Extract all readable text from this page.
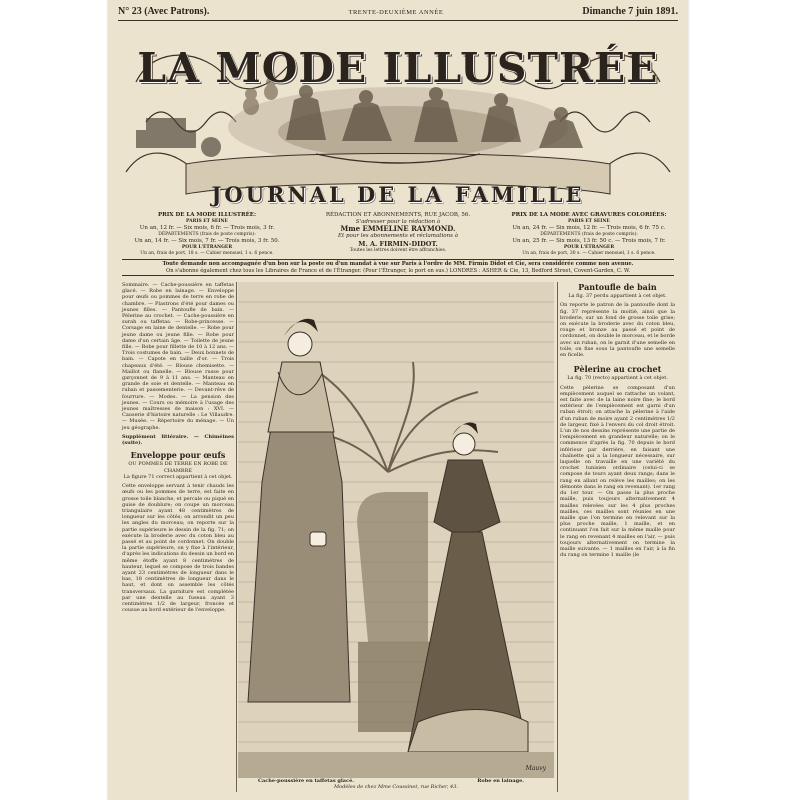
N° 23 (Avec Patrons).	TRENTE-DEUXIÈME ANNÉE	Dimanche 7 juin 1891.
LA MODE ILLUSTRÉE
JOURNAL DE LA FAMILLE
PRIX DE LA MODE ILLUSTRÉE:
PARIS ET SEINE
Un an, 12 fr. — Six mois, 6 fr. — Trois mois, 3 fr.
DÉPARTEMENTS (frais de poste compris):
Un an, 14 fr. — Six mois, 7 fr. — Trois mois, 3 fr. 50.
POUR L'ÉTRANGER
Un an, frais de port, 18 s. — Cahier mensuel, 1 s. 6 pence.
RÉDACTION ET ABONNEMENTS, RUE JACOB, 56.
S'adresser pour la rédaction à
Mme EMMELINE RAYMOND.
Et pour les abonnements et réclamations à
M. A. FIRMIN-DIDOT.
Toutes les lettres doivent être affranchies.
PRIX DE LA MODE AVEC GRAVURES COLORIÉES:
PARIS ET SEINE
Un an, 24 fr. — Six mois, 12 fr. — Trois mois, 6 fr. 75 c.
DÉPARTEMENTS (frais de poste compris):
Un an, 25 fr. — Six mois, 13 fr. 50 c. — Trois mois, 7 fr.
POUR L'ÉTRANGER
Un an, frais de port, 30 s. — Cahier mensuel, 1 s. 6 pence.
Toute demande non accompagnée d'un bon sur la poste ou d'un mandat à vue sur Paris à l'ordre de MM. Firmin Didot et Cie, sera considérée comme non avenue.
On s'abonne également chez tous les Libraires de France et de l'Étranger. (Pour l'Étranger, le port en sus.) LONDRES : ASHER & Cie, 13, Bedford Street, Covent-Garden, C. W.
Sommaire. — Cache-poussière en taffetas glacé. — Robe en lainage. — Enveloppe pour œufs ou pommes de terre en robe de chambre. — Plastrons d'été pour dames ou jeunes filles. — Pantoufle de bain. — Pèlerine au crochet. — Cache-poussière en surah ou taffetas. — Robe-princesse. — Corsage en laine de dentelle. — Robe pour jeune dame ou jeune fille. — Robe pour dame d'un certain âge. — Toilette de jeune fille. — Robe pour fillette de 10 à 12 ans. — Trois costumes de bain. — Deux bonnets de bain. — Capote en taille d'or. — Trois chapeaux d'été. — Blouse chemisette. — Maillot ou flanelle. — Blouse russe pour garçonnet de 9 à 11 ans. — Manteau en grande de soie et dentelle. — Manteau en ruban et passementerie. — Devant-rêve de fourrure. — Modes. — La pension des jeunes. — Cours ou mémoire à l'usage des jeunes maîtresses de maison : XVI. — Causerie d'histoire naturelle : Le Villaudre. — Musée. — Répertoire du ménage. — Un jeu géographe.
Supplément littéraire. — Chiméines (suite).
Enveloppe pour œufs
OU POMMES DE TERRE EN ROBE DE CHAMBRE
La figure 71 correct appartient à cet objet.
Cette enveloppe servant à tenir chauds les œufs ou les pommes de terre, est faite en grosse toile blanche, et percale ou piqué en guise de doublure; on coupe un morceau triangulaire ayant 48 centimètres de longueur sur les côtés; on arrondit un peu les angles du morceau; on reporte sur la partie supérieure le dessin de la fig. 71; on exécute la broderie avec du coton bleu au passé et au point de cordonnet. On double la partie supérieure, on y fixe à l'intérieur, d'après les indications du dessin un bord en même étoffe ayant 8 centimètres de hauteur, lequel se compose de trois bandes ayant 23 centimètres de longueur dans le bas, 18 centimètres de longueur dans le haut, et dont on assemble les côtés transversaux. La garniture est complétée par une dentelle au fuseau ayant 3 centimètres 1/2 de largeur, froncée et cousue au bord extérieur de l'enveloppe.
Mauvy
Cache-poussière en taffetas glacé.	Robe en lainage.
Modèles de chez Mme Coussinet, rue Richer, 43.
Pantoufle de bain
La fig. 37 perdu appartient à cet objet.
On reporte le patron de la pantoufle dont la fig. 37 représente la moitié, ainsi que la broderie, sur un fond de grosse toile grise; on exécute la broderie avec du coton bleu, rouge et bronze au passé et point de cordonnet, on double le morceau, et le borde avec un ruban, on le garnit d'une semelle en toile, on fixe sous la pantoufle une semelle en ficelle.
Pèlerine au crochet
La fig. 70 (recto) appartient à cet objet.
Cette pèlerine se composant d'un empiècement auquel se rattache un volant, est faite avec de la laine noire fine; le bord extérieur de l'empiècement est garni d'un ruban étroit; on attache la pèlerine à l'aide d'un ruban de moire ayant 2 centimètres 1/2 de largeur, fixé à l'envers du col droit étroit. L'un de nos dessins représente une partie de l'empiècement en grandeur naturelle; on le commence d'après la fig. 70 depuis le bord inférieur par derrière, en faisant une chaînette qui a la longueur nécessaire, sur laquelle on travaille en une variété du crochet tunisien ordinaire (celui-ci se compose de tours ayant deux rangs; dans le rang en allant on relève les mailles; on les démonte dans le rang en revenant). 1er rang du 1er tour. — On passe la plus proche maille, puis toujours alternativement 4 mailles relevées sur les 4 plus proches mailles, ces mailles sont réunies en une maille que l'on termine en relevant sur la plus proche maille, 1 maille, et en continuant l'on fait sur la même maille pour le rang en revenant 4 mailles en l'air, — puis toujours alternativement on termine la maille suivante. — 1 mailles en l'air, à la fin du rang on termine 1 maille (le
